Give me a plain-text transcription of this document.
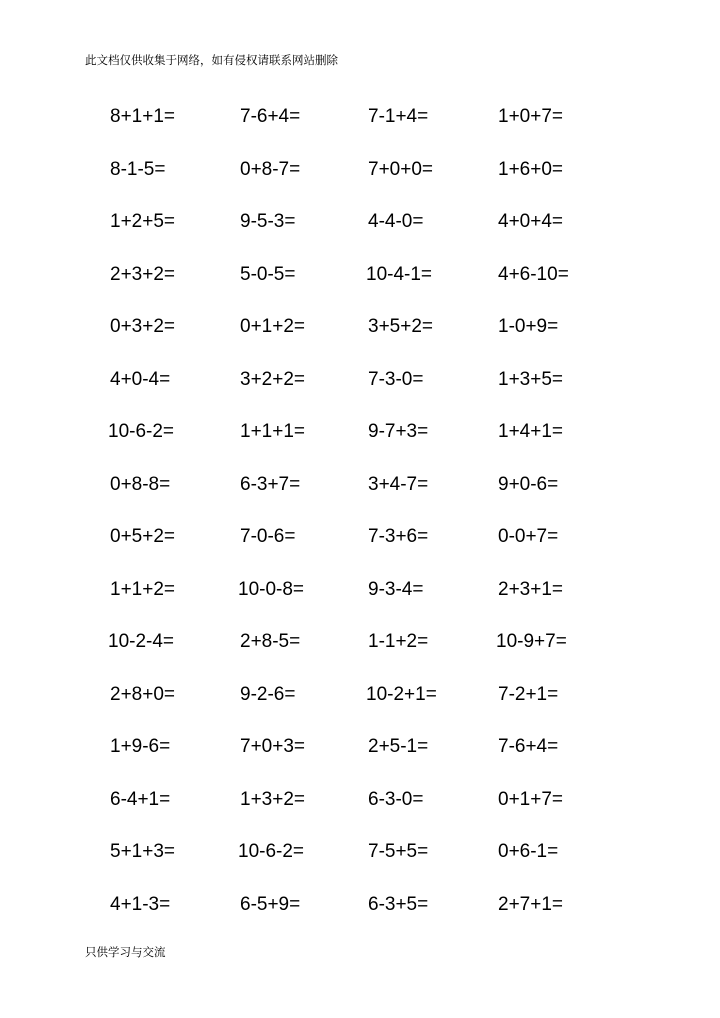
此文档仅供收集于网络，如有侵权请联系网站删除
8+1+1=	7-6+4=	7-1+4=	1+0+7=
8-1-5=	0+8-7=	7+0+0=	1+6+0=
1+2+5=	9-5-3=	4-4-0=	4+0+4=
2+3+2=	5-0-5=	10-4-1=	4+6-10=
0+3+2=	0+1+2=	3+5+2=	1-0+9=
4+0-4=	3+2+2=	7-3-0=	1+3+5=
10-6-2=	1+1+1=	9-7+3=	1+4+1=
0+8-8=	6-3+7=	3+4-7=	9+0-6=
0+5+2=	7-0-6=	7-3+6=	0-0+7=
1+1+2=	10-0-8=	9-3-4=	2+3+1=
10-2-4=	2+8-5=	1-1+2=	10-9+7=
2+8+0=	9-2-6=	10-2+1=	7-2+1=
1+9-6=	7+0+3=	2+5-1=	7-6+4=
6-4+1=	1+3+2=	6-3-0=	0+1+7=
5+1+3=	10-6-2=	7-5+5=	0+6-1=
4+1-3=	6-5+9=	6-3+5=	2+7+1=
只供学习与交流
